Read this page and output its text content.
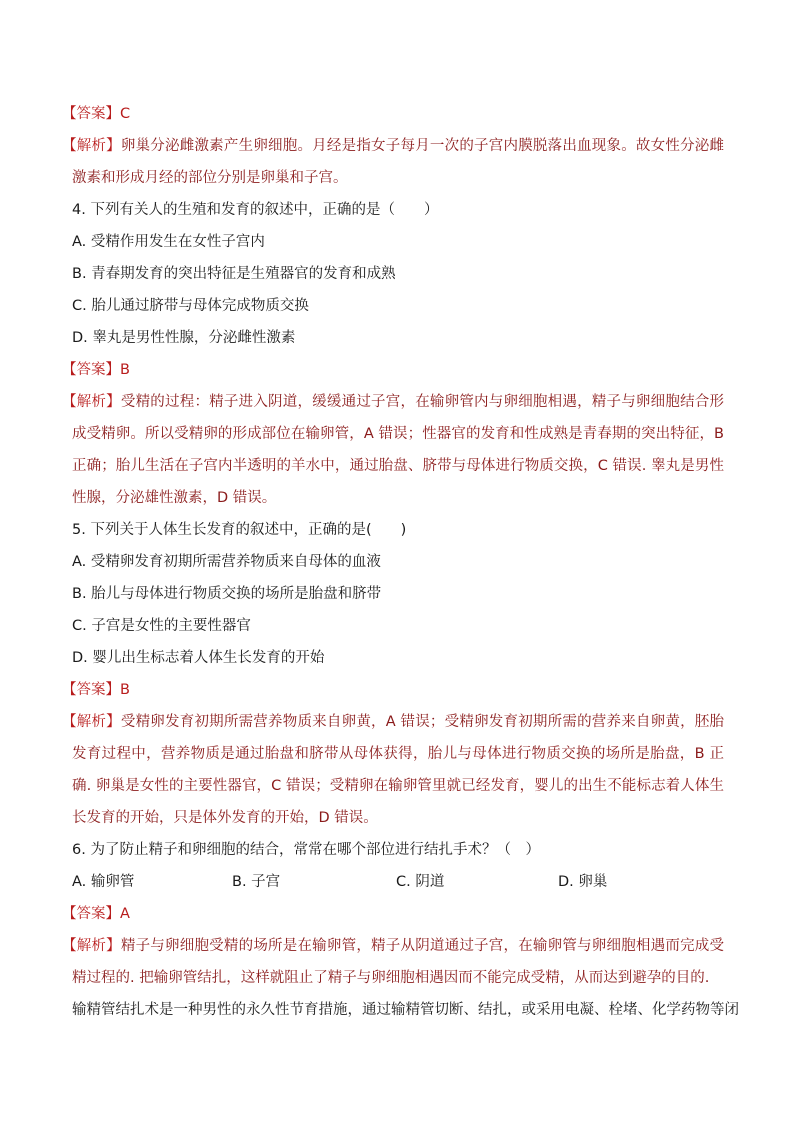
【答案】C
【解析】卵巢分泌雌激素产生卵细胞。月经是指女子每月一次的子宫内膜脱落出血现象。故女性分泌雌激素和形成月经的部位分别是卵巢和子宫。
4. 下列有关人的生殖和发育的叙述中，正确的是（　　）
A. 受精作用发生在女性子宫内
B. 青春期发育的突出特征是生殖器官的发育和成熟
C. 胎儿通过脐带与母体完成物质交换
D. 睾丸是男性性腺，分泌雌性激素
【答案】B
【解析】受精的过程：精子进入阴道，缓缓通过子宫，在输卵管内与卵细胞相遇，精子与卵细胞结合形成受精卵。所以受精卵的形成部位在输卵管，A 错误；性器官的发育和性成熟是青春期的突出特征，B 正确；胎儿生活在子宫内半透明的羊水中，通过胎盘、脐带与母体进行物质交换，C 错误. 睾丸是男性性腺，分泌雄性激素，D 错误。
5. 下列关于人体生长发育的叙述中，正确的是(　　)
A. 受精卵发育初期所需营养物质来自母体的血液
B. 胎儿与母体进行物质交换的场所是胎盘和脐带
C. 子宫是女性的主要性器官
D. 婴儿出生标志着人体生长发育的开始
【答案】B
【解析】受精卵发育初期所需营养物质来自卵黄，A 错误；受精卵发育初期所需的营养来自卵黄，胚胎发育过程中，营养物质是通过胎盘和脐带从母体获得，胎儿与母体进行物质交换的场所是胎盘，B 正确. 卵巢是女性的主要性器官，C 错误；受精卵在输卵管里就已经发育，婴儿的出生不能标志着人体生长发育的开始，只是体外发育的开始，D 错误。
6. 为了防止精子和卵细胞的结合，常常在哪个部位进行结扎手术？（　）
A. 输卵管	B. 子宫	C. 阴道	D. 卵巢
【答案】A
【解析】精子与卵细胞受精的场所是在输卵管，精子从阴道通过子宫，在输卵管与卵细胞相遇而完成受精过程的. 把输卵管结扎，这样就阻止了精子与卵细胞相遇因而不能完成受精，从而达到避孕的目的.
输精管结扎术是一种男性的永久性节育措施，通过输精管切断、结扎，或采用电凝、栓堵、化学药物等闭
